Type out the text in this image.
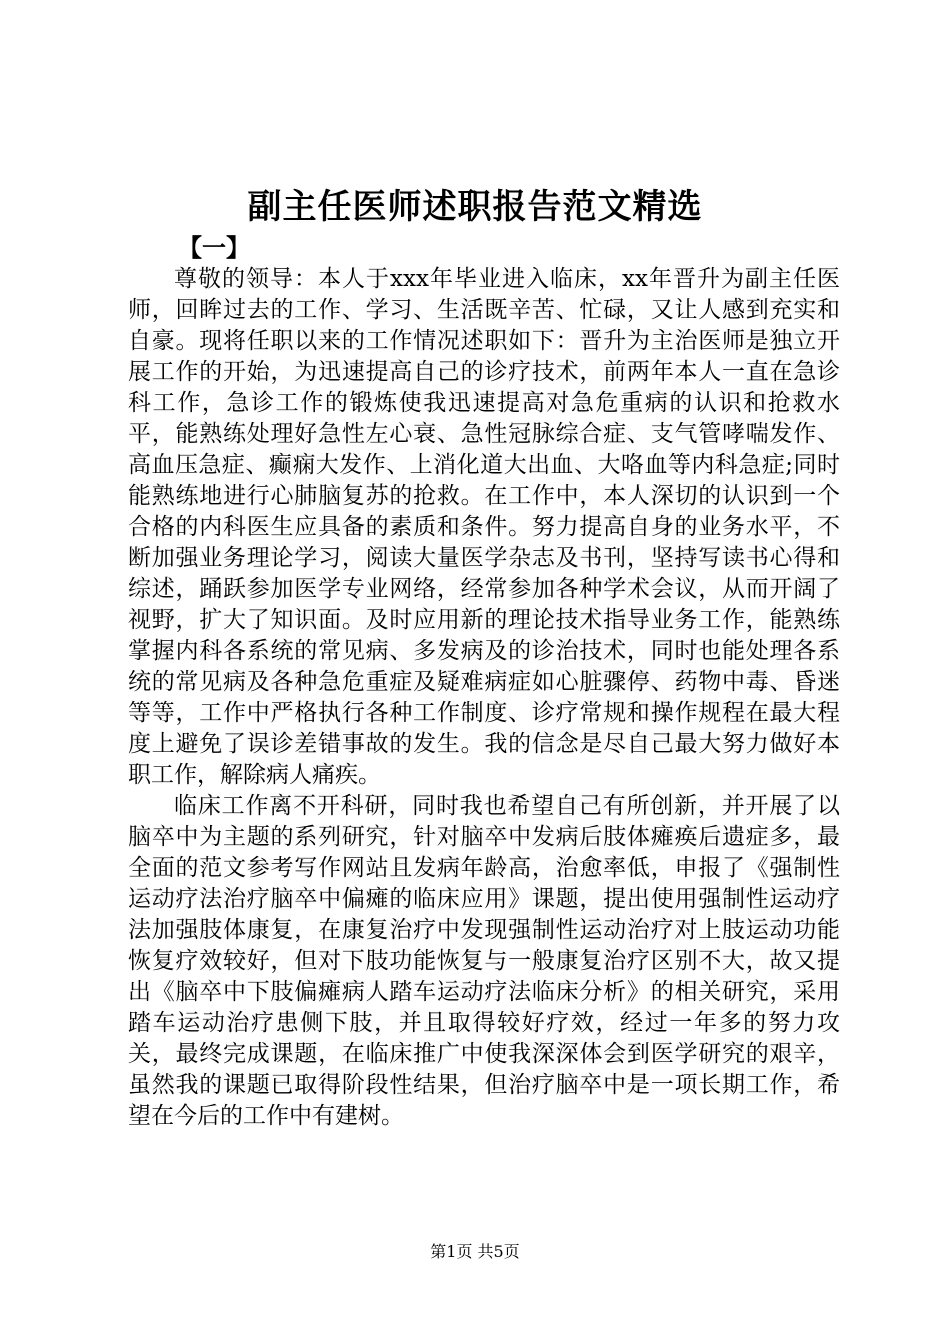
副主任医师述职报告范文精选
【一】

尊敬的领导：本人于xxx年毕业进入临床，xx年晋升为副主任医师，回眸过去的工作、学习、生活既辛苦、忙碌，又让人感到充实和自豪。现将任职以来的工作情况述职如下：晋升为主治医师是独立开展工作的开始，为迅速提高自己的诊疗技术，前两年本人一直在急诊科工作，急诊工作的锻炼使我迅速提高对急危重病的认识和抢救水平，能熟练处理好急性左心衰、急性冠脉综合症、支气管哮喘发作、高血压急症、癫痫大发作、上消化道大出血、大咯血等内科急症;同时能熟练地进行心肺脑复苏的抢救。在工作中，本人深切的认识到一个合格的内科医生应具备的素质和条件。努力提高自身的业务水平，不断加强业务理论学习，阅读大量医学杂志及书刊，坚持写读书心得和综述，踊跃参加医学专业网络，经常参加各种学术会议，从而开阔了视野，扩大了知识面。及时应用新的理论技术指导业务工作，能熟练掌握内科各系统的常见病、多发病及的诊治技术，同时也能处理各系统的常见病及各种急危重症及疑难病症如心脏骤停、药物中毒、昏迷等等，工作中严格执行各种工作制度、诊疗常规和操作规程在最大程度上避免了误诊差错事故的发生。我的信念是尽自己最大努力做好本职工作，解除病人痛疾。

临床工作离不开科研，同时我也希望自己有所创新，并开展了以脑卒中为主题的系列研究，针对脑卒中发病后肢体瘫痪后遗症多，最全面的范文参考写作网站且发病年龄高，治愈率低，申报了《强制性运动疗法治疗脑卒中偏瘫的临床应用》课题，提出使用强制性运动疗法加强肢体康复，在康复治疗中发现强制性运动治疗对上肢运动功能恢复疗效较好，但对下肢功能恢复与一般康复治疗区别不大，故又提出《脑卒中下肢偏瘫病人踏车运动疗法临床分析》的相关研究，采用踏车运动治疗患侧下肢，并且取得较好疗效，经过一年多的努力攻关，最终完成课题，在临床推广中使我深深体会到医学研究的艰辛，虽然我的课题已取得阶段性结果，但治疗脑卒中是一项长期工作，希望在今后的工作中有建树。

第1页 共5页
